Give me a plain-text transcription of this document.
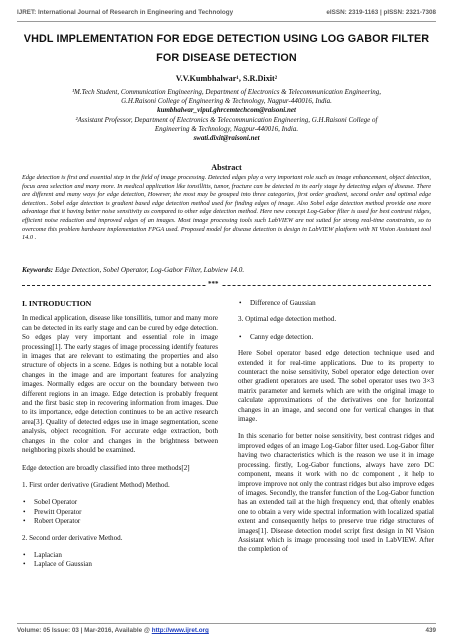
IJRET: International Journal of Research in Engineering and Technology	eISSN: 2319-1163 | pISSN: 2321-7308
VHDL IMPLEMENTATION FOR EDGE DETECTION USING LOG GABOR FILTER FOR DISEASE DETECTION
V.V.Kumbhalwar¹, S.R.Dixit²
¹M.Tech Student, Communication Engineering, Department of Electronics & Telecommunication Engineering,
G.H.Raisoni College of Engineering & Technology, Nagpur-440016, India.
kumbhalwar_vipul.ghrcemtechcom@raisoni.net
²Assistant Professor, Department of Electronics & Telecommunication Engineering, G.H.Raisoni College of
Engineering & Technology, Nagpur-440016, India.
swati.dixit@raisoni.net
Abstract
Edge detection is first and essential step in the field of image processing. Detected edges play a very important role such as image enhancement, object detection, focus area selection and many more. In medical application like tonsillitis, tumor, fracture can be detected in its early stage by detecting edges of disease. There are different and many ways for edge detection, However, the most may be grouped into three categories, first order gradient, second order and optimal edge detection.. Sobel edge detection is gradient based edge detection method used for finding edges of image. Also Sobel edge detection method provide one more advantage that it having better noise sensitivity as compared to other edge detection method. Here new concept Log-Gabor filter is used for best contrast ridges, efficient noise reduction and improved edges of an images. Most image processing tools such LabVIEW are not suited for strong real-time constraints, so to overcome this problem hardware implementation FPGA used. Proposed model for disease detection is design in LabVIEW platform with NI Vision Assistant tool 14.0 .
Keywords: Edge Detection, Sobel Operator, Log-Gabor Filter, Labview 14.0.
***
I. INTRODUCTION

In medical application, disease like tonsillitis, tumor and many more can be detected in its early stage and can be cured by edge detection. So edges play very important and essential role in image processing[1]. The early stages of image processing identify features in images that are relevant to estimating the properties and also structure of objects in a scene. Edges is nothing but a notable local changes in the image and are important features for analyzing images. Normally edges are occur on the boundary between two different regions in an image. Edge detection is probably frequent and the first basic step in recovering information from images. Due to its importance, edge detection continues to be an active research area[3]. Quality of detected edges use in image segmentation, scene analysis, object recognition. For accurate edge extraction, both changes in the color and changes in the brightness between neighboring pixels should be examined.

Edge detection are broadly classified into three methods[2]

1. First order derivative (Gradient Method) Method.

• Sobel Operator
• Prewitt Operator
• Robert Operator

2. Second order derivative Method.

• Laplacian
• Laplace of Gaussian
• Difference of Gaussian

3. Optimal edge detection method.

• Canny edge detection.

Here Sobel operator based edge detection technique used and extended it for real-time applications. Due to its property to counteract the noise sensitivity, Sobel operator edge detection over other gradient operators are used. The sobel operator uses two 3×3 matrix parameter and kernels which are with the original image to calculate approximations of the derivatives one for horizontal changes in an image, and second one for vertical changes in that image.

In this scenario for better noise sensitivity, best contrast ridges and improved edges of an image Log-Gabor filter used. Log-Gabor filter having two characteristics which is the reason we use it in image processing. firstly, Log-Gabor functions, always have zero DC component, means it work with no dc component , it help to improve improve not only the contrast ridges but also improve edges of images. Secondly, the transfer function of the Log-Gabor function has an extended tail at the high frequency end, that oftenly enables one to obtain a very wide spectral information with localized spatial extent and consequently helps to preserve true ridge structures of images[1]. Disease detection model script first design in NI Vision Assistant which is image processing tool used in LabVIEW. After the completion of

Volume: 05 Issue: 03 | Mar-2016, Available @ http://www.ijret.org	439
